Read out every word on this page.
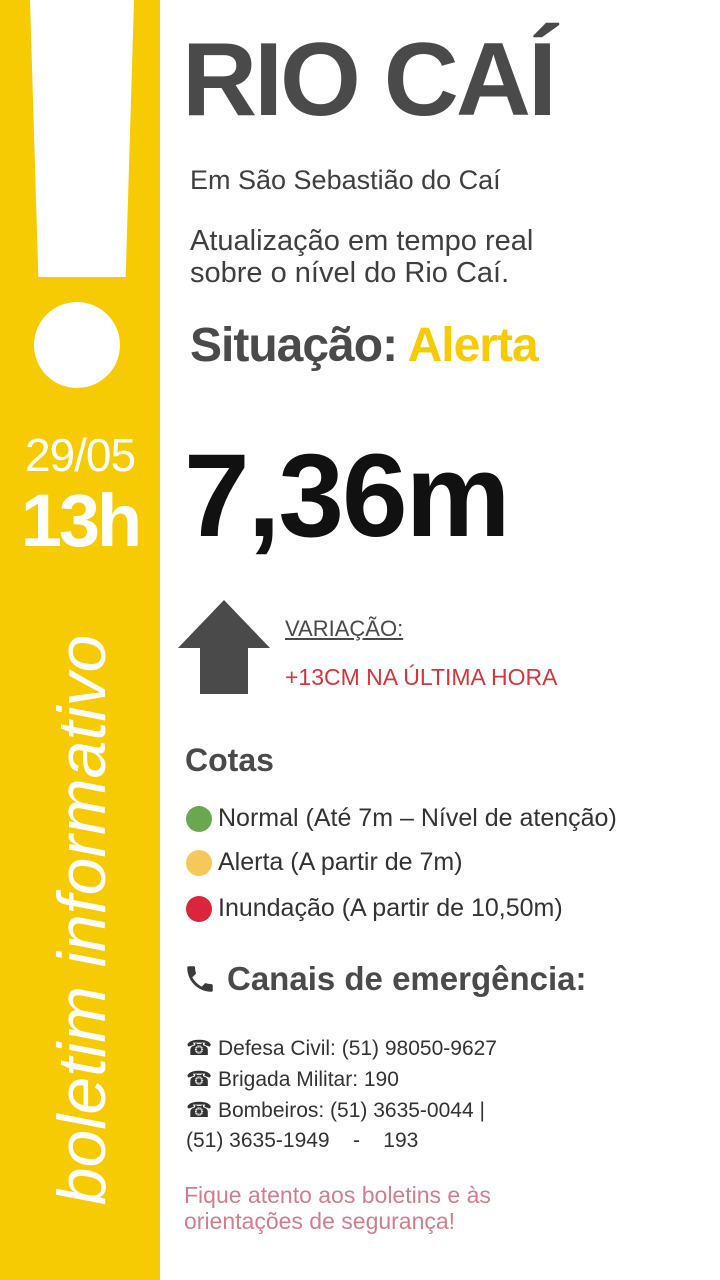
29/05
13h
boletim informativo
RIO CAÍ
Em São Sebastião do Caí
Atualização em tempo real
sobre o nível do Rio Caí.
Situação: Alerta
7,36m
VARIAÇÃO:
+13CM NA ÚLTIMA HORA
Cotas
Normal (Até 7m – Nível de atenção)
Alerta (A partir de 7m)
Inundação (A partir de 10,50m)
Canais de emergência:
☎ Defesa Civil: (51) 98050-9627
☎ Brigada Militar: 190
☎ Bombeiros: (51) 3635-0044 |
(51) 3635-1949    -    193
Fique atento aos boletins e às
orientações de segurança!
